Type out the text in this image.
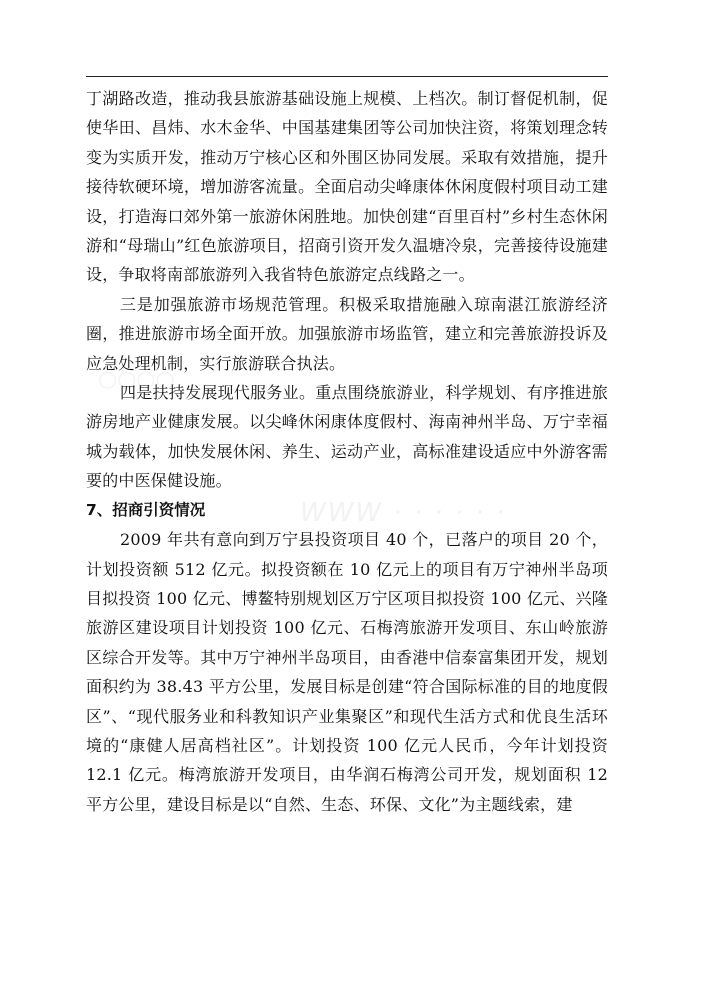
○○○○
WWW · · · · · ·

丁湖路改造，推动我县旅游基础设施上规模、上档次。制订督促机制，促使华田、昌炜、水木金华、中国基建集团等公司加快注资，将策划理念转变为实质开发，推动万宁核心区和外围区协同发展。采取有效措施，提升接待软硬环境，增加游客流量。全面启动尖峰康体休闲度假村项目动工建设，打造海口郊外第一旅游休闲胜地。加快创建“百里百村”乡村生态休闲游和“母瑞山”红色旅游项目，招商引资开发久温塘冷泉，完善接待设施建设，争取将南部旅游列入我省特色旅游定点线路之一。

三是加强旅游市场规范管理。积极采取措施融入琼南湛江旅游经济圈，推进旅游市场全面开放。加强旅游市场监管，建立和完善旅游投诉及应急处理机制，实行旅游联合执法。

四是扶持发展现代服务业。重点围绕旅游业，科学规划、有序推进旅游房地产业健康发展。以尖峰休闲康体度假村、海南神州半岛、万宁幸福城为载体，加快发展休闲、养生、运动产业，高标准建设适应中外游客需要的中医保健设施。

7、招商引资情况

2009 年共有意向到万宁县投资项目 40 个，已落户的项目 20 个，计划投资额 512 亿元。拟投资额在 10 亿元上的项目有万宁神州半岛项目拟投资 100 亿元、博鳌特别规划区万宁区项目拟投资 100 亿元、兴隆旅游区建设项目计划投资 100 亿元、石梅湾旅游开发项目、东山岭旅游区综合开发等。其中万宁神州半岛项目，由香港中信泰富集团开发，规划面积约为 38.43 平方公里，发展目标是创建“符合国际标准的目的地度假区”、“现代服务业和科教知识产业集聚区”和现代生活方式和优良生活环境的“康健人居高档社区”。计划投资 100 亿元人民币，今年计划投资 12.1 亿元。梅湾旅游开发项目，由华润石梅湾公司开发，规划面积 12 平方公里，建设目标是以“自然、生态、环保、文化”为主题线索，建
